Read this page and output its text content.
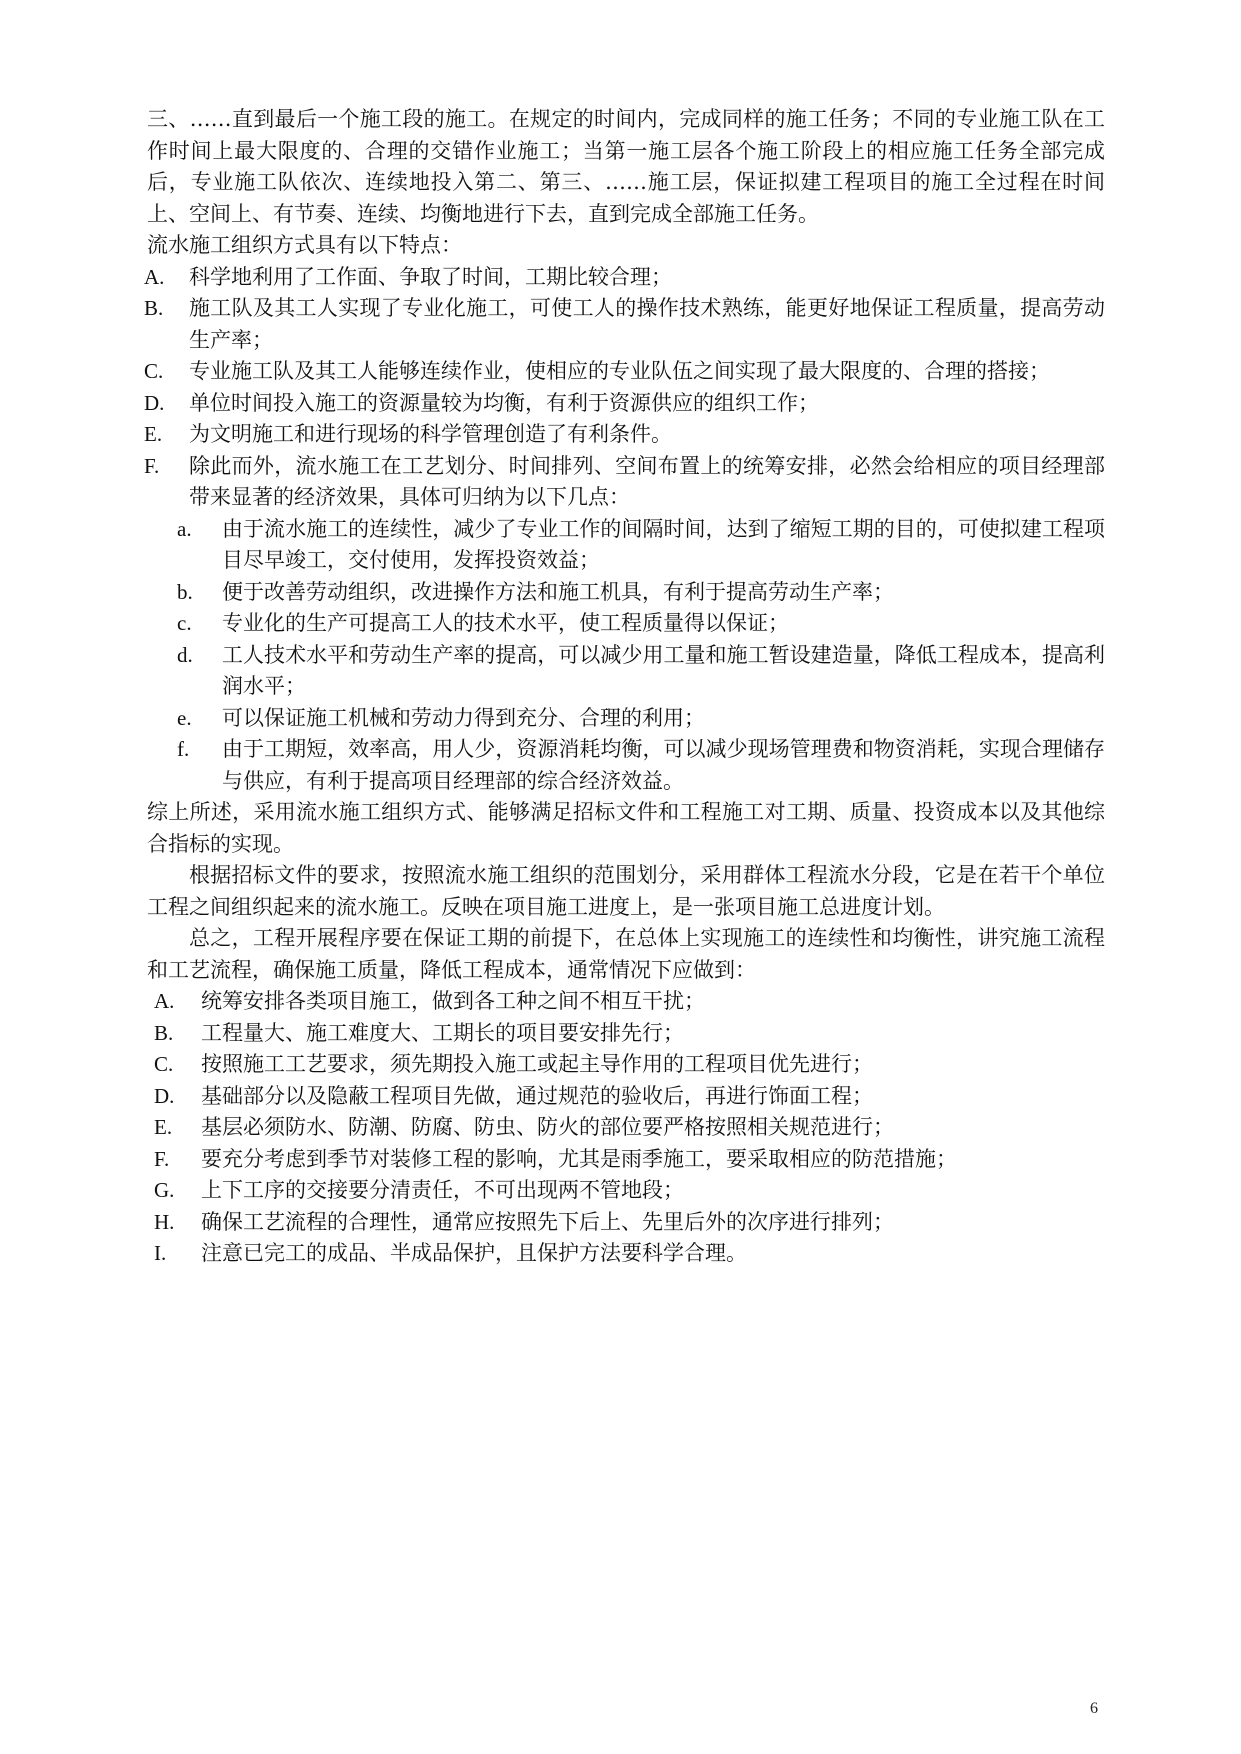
三、……直到最后一个施工段的施工。在规定的时间内，完成同样的施工任务；不同的专业施工队在工作时间上最大限度的、合理的交错作业施工；当第一施工层各个施工阶段上的相应施工任务全部完成后，专业施工队依次、连续地投入第二、第三、……施工层，保证拟建工程项目的施工全过程在时间上、空间上、有节奏、连续、均衡地进行下去，直到完成全部施工任务。

流水施工组织方式具有以下特点：

A. 科学地利用了工作面、争取了时间，工期比较合理；
B. 施工队及其工人实现了专业化施工，可使工人的操作技术熟练，能更好地保证工程质量，提高劳动生产率；
C. 专业施工队及其工人能够连续作业，使相应的专业队伍之间实现了最大限度的、合理的搭接；
D. 单位时间投入施工的资源量较为均衡，有利于资源供应的组织工作；
E. 为文明施工和进行现场的科学管理创造了有利条件。
F. 除此而外，流水施工在工艺划分、时间排列、空间布置上的统筹安排，必然会给相应的项目经理部带来显著的经济效果，具体可归纳为以下几点：
a. 由于流水施工的连续性，减少了专业工作的间隔时间，达到了缩短工期的目的，可使拟建工程项目尽早竣工，交付使用，发挥投资效益；
b. 便于改善劳动组织，改进操作方法和施工机具，有利于提高劳动生产率；
c. 专业化的生产可提高工人的技术水平，使工程质量得以保证；
d. 工人技术水平和劳动生产率的提高，可以减少用工量和施工暂设建造量，降低工程成本，提高利润水平；
e. 可以保证施工机械和劳动力得到充分、合理的利用；
f. 由于工期短，效率高，用人少，资源消耗均衡，可以减少现场管理费和物资消耗，实现合理储存与供应，有利于提高项目经理部的综合经济效益。

综上所述，采用流水施工组织方式、能够满足招标文件和工程施工对工期、质量、投资成本以及其他综合指标的实现。

根据招标文件的要求，按照流水施工组织的范围划分，采用群体工程流水分段，它是在若干个单位工程之间组织起来的流水施工。反映在项目施工进度上，是一张项目施工总进度计划。

总之，工程开展程序要在保证工期的前提下，在总体上实现施工的连续性和均衡性，讲究施工流程和工艺流程，确保施工质量，降低工程成本，通常情况下应做到：

A. 统筹安排各类项目施工，做到各工种之间不相互干扰；
B. 工程量大、施工难度大、工期长的项目要安排先行；
C. 按照施工工艺要求，须先期投入施工或起主导作用的工程项目优先进行；
D. 基础部分以及隐蔽工程项目先做，通过规范的验收后，再进行饰面工程；
E. 基层必须防水、防潮、防腐、防虫、防火的部位要严格按照相关规范进行；
F. 要充分考虑到季节对装修工程的影响，尤其是雨季施工，要采取相应的防范措施；
G. 上下工序的交接要分清责任，不可出现两不管地段；
H. 确保工艺流程的合理性，通常应按照先下后上、先里后外的次序进行排列；
I. 注意已完工的成品、半成品保护，且保护方法要科学合理。
6
